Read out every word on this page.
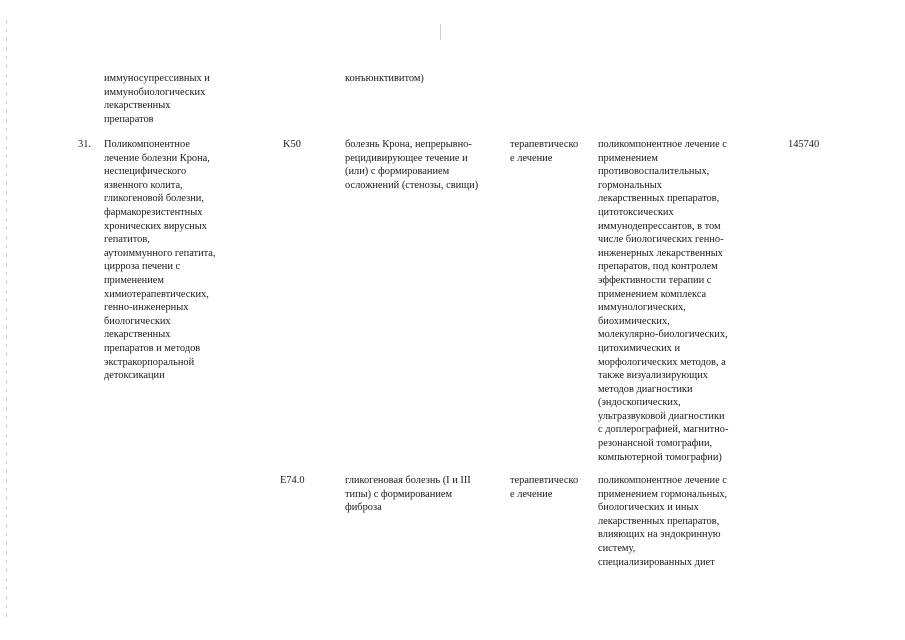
иммуносупрессивных и
иммунобиологических
лекарственных
препаратов
конъюнктивитом)
31. Поликомпонентное
лечение болезни Крона,
неспецифического
язвенного колита,
гликогеновой болезни,
фармакорезистентных
хронических вирусных
гепатитов,
аутоиммунного гепатита,
цирроза печени с
применением
химиотерапевтических,
генно-инженерных
биологических
лекарственных
препаратов и методов
экстракорпоральной
детоксикации
K50	болезнь Крона, непрерывно-
рецидивирующее течение и
(или) с формированием
осложнений (стенозы, свищи)
терапевтическо
е лечение
поликомпонентное лечение с
применением
противовоспалительных,
гормональных
лекарственных препаратов,
цитотоксических
иммунодепрессантов, в том
числе биологических генно-
инженерных лекарственных
препаратов, под контролем
эффективности терапии с
применением комплекса
иммунологических,
биохимических,
молекулярно-биологических,
цитохимических и
морфологических методов, а
также визуализирующих
методов диагностики
(эндоскопических,
ультразвуковой диагностики
с доплерографией, магнитно-
резонансной томографии,
компьютерной томографии)
145740
E74.0	гликогеновая болезнь (I и III
типы) с формированием
фиброза
терапевтическо
е лечение
поликомпонентное лечение с
применением гормональных,
биологических и иных
лекарственных препаратов,
влияющих на эндокринную
систему,
специализированных диет
